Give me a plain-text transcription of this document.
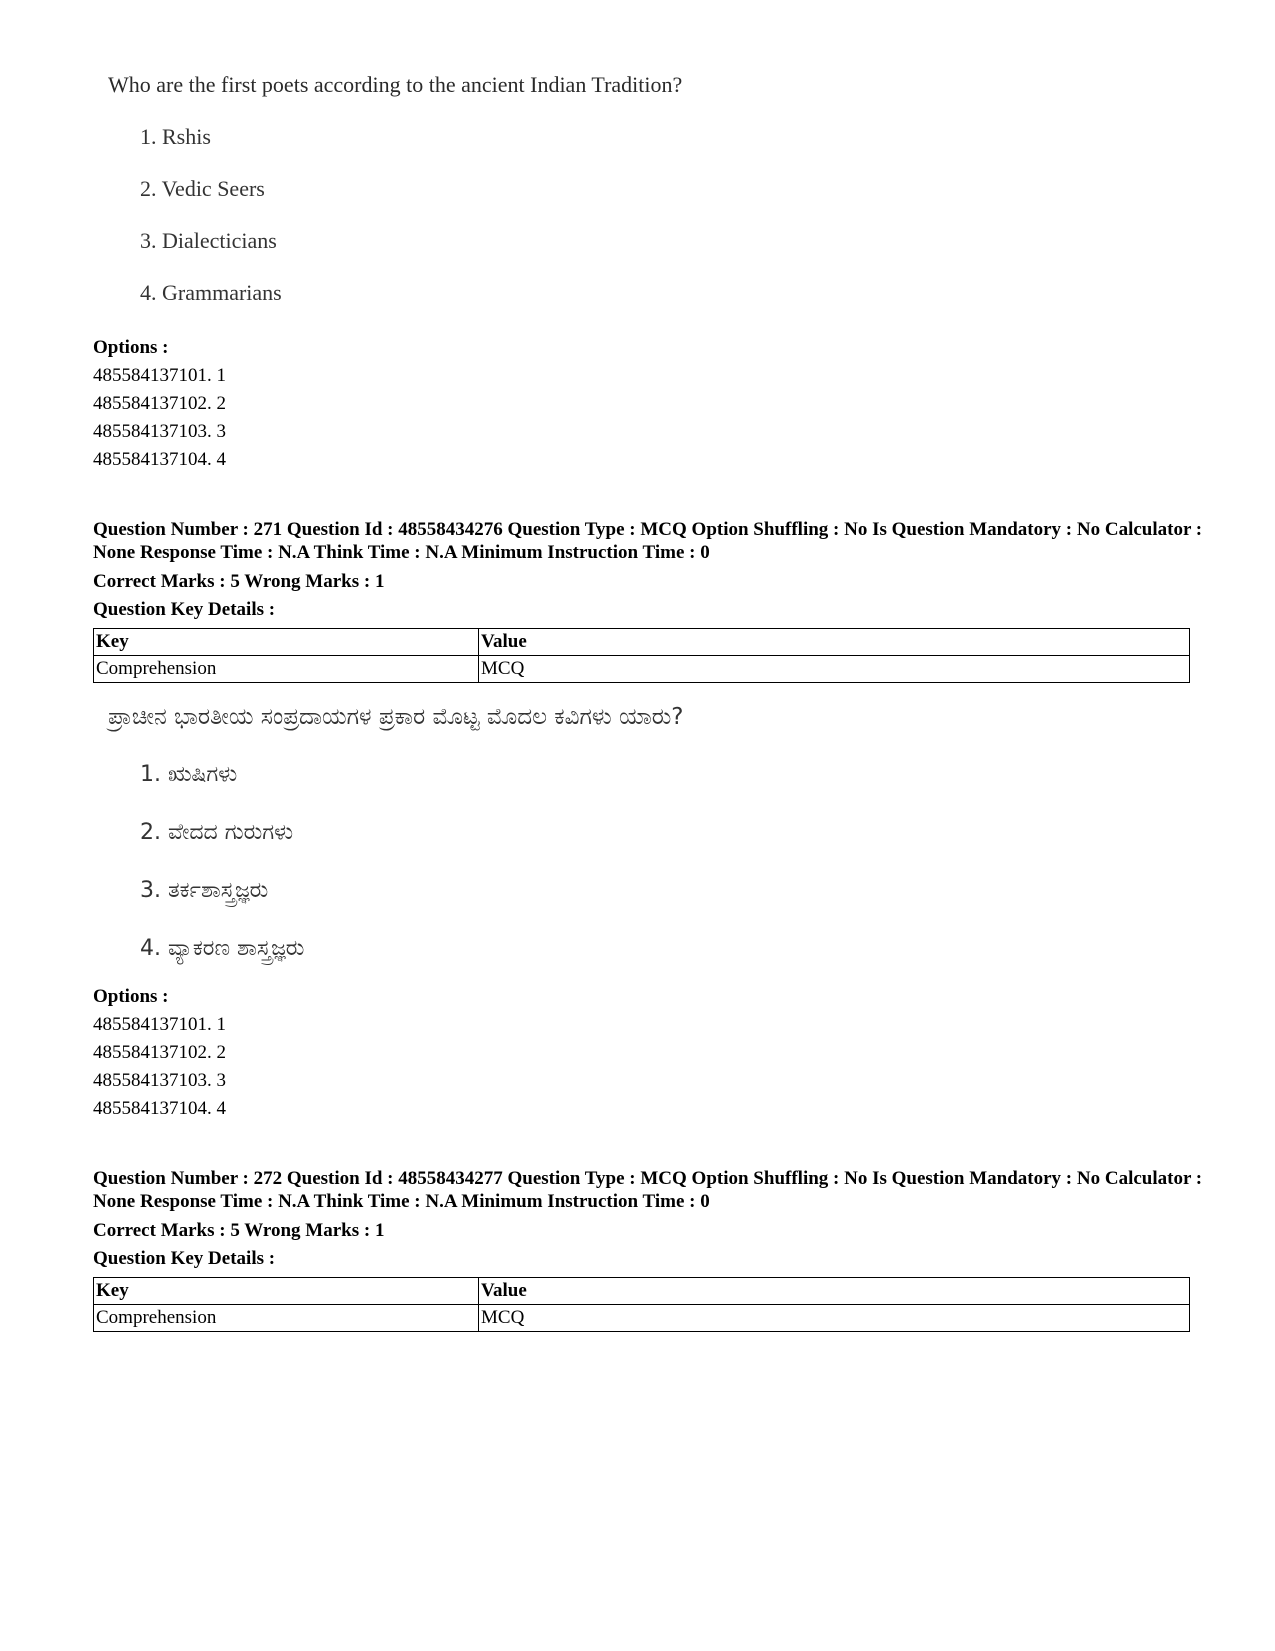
Who are the first poets according to the ancient Indian Tradition?
1. Rshis
2. Vedic Seers
3. Dialecticians
4. Grammarians
Options :
485584137101. 1
485584137102. 2
485584137103. 3
485584137104. 4
Question Number : 271 Question Id : 48558434276 Question Type : MCQ Option Shuffling : No Is Question Mandatory : No Calculator : None Response Time : N.A Think Time : N.A Minimum Instruction Time : 0
Correct Marks : 5 Wrong Marks : 1
Question Key Details :
Key	Value
Comprehension	MCQ
ಪ್ರಾಚೀನ ಭಾರತೀಯ ಸಂಪ್ರದಾಯಗಳ ಪ್ರಕಾರ ಮೊಟ್ಟ ಮೊದಲ ಕವಿಗಳು ಯಾರು?
1. ಋಷಿಗಳು
2. ವೇದದ ಗುರುಗಳು
3. ತರ್ಕಶಾಸ್ತ್ರಜ್ಞರು
4. ವ್ಯಾಕರಣ ಶಾಸ್ತ್ರಜ್ಞರು
Options :
485584137101. 1
485584137102. 2
485584137103. 3
485584137104. 4
Question Number : 272 Question Id : 48558434277 Question Type : MCQ Option Shuffling : No Is Question Mandatory : No Calculator : None Response Time : N.A Think Time : N.A Minimum Instruction Time : 0
Correct Marks : 5 Wrong Marks : 1
Question Key Details :
Key	Value
Comprehension	MCQ
